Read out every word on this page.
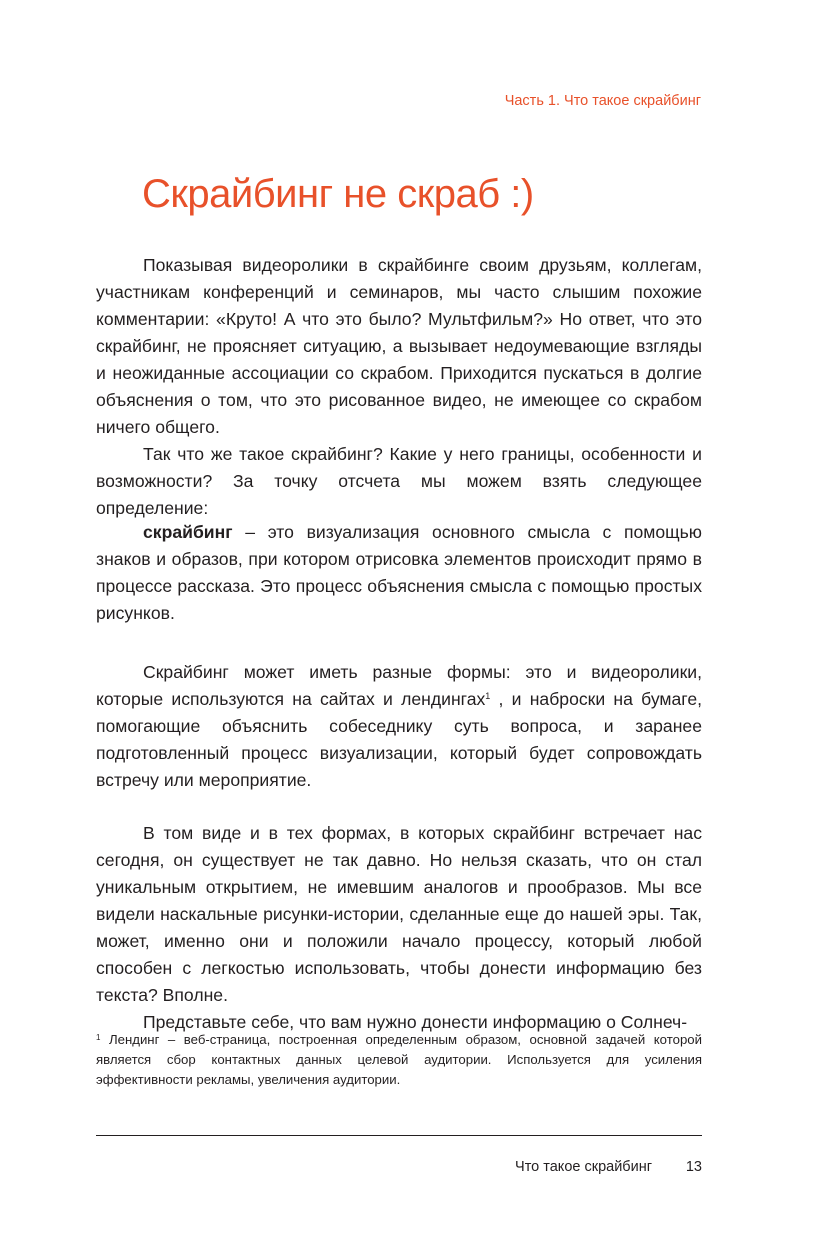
Часть 1. Что такое скрайбинг
Скрайбинг не скраб :)

Показывая видеоролики в скрайбинге своим друзьям, коллегам, участникам конференций и семинаров, мы часто слышим похожие комментарии: «Круто! А что это было? Мультфильм?» Но ответ, что это скрайбинг, не проясняет ситуацию, а вызывает недоумевающие взгляды и неожиданные ассоциации со скрабом. Приходится пускаться в долгие объяснения о том, что это рисованное видео, не имеющее со скрабом ничего общего.

Так что же такое скрайбинг? Какие у него границы, особенности и возможности? За точку отсчета мы можем взять следующее определение:

скрайбинг – это визуализация основного смысла с помощью знаков и образов, при котором отрисовка элементов происходит прямо в процессе рассказа. Это процесс объяснения смысла с помощью простых рисунков.

Скрайбинг может иметь разные формы: это и видеоролики, которые используются на сайтах и лендингах$^1$ , и наброски на бумаге, помогающие объяснить собеседнику суть вопроса, и заранее подготовленный процесс визуализации, который будет сопровождать встречу или мероприятие.

В том виде и в тех формах, в которых скрайбинг встречает нас сегодня, он существует не так давно. Но нельзя сказать, что он стал уникальным открытием, не имевшим аналогов и прообразов. Мы все видели наскальные рисунки-истории, сделанные еще до нашей эры. Так, может, именно они и положили начало процессу, который любой способен с легкостью использовать, чтобы донести информацию без текста? Вполне.

Представьте себе, что вам нужно донести информацию о Солнеч-

$^1$ Лендинг – веб-страница, построенная определенным образом, основной задачей которой является сбор контактных данных целевой аудитории. Используется для усиления эффективности рекламы, увеличения аудитории.

Что такое скрайбинг 13
